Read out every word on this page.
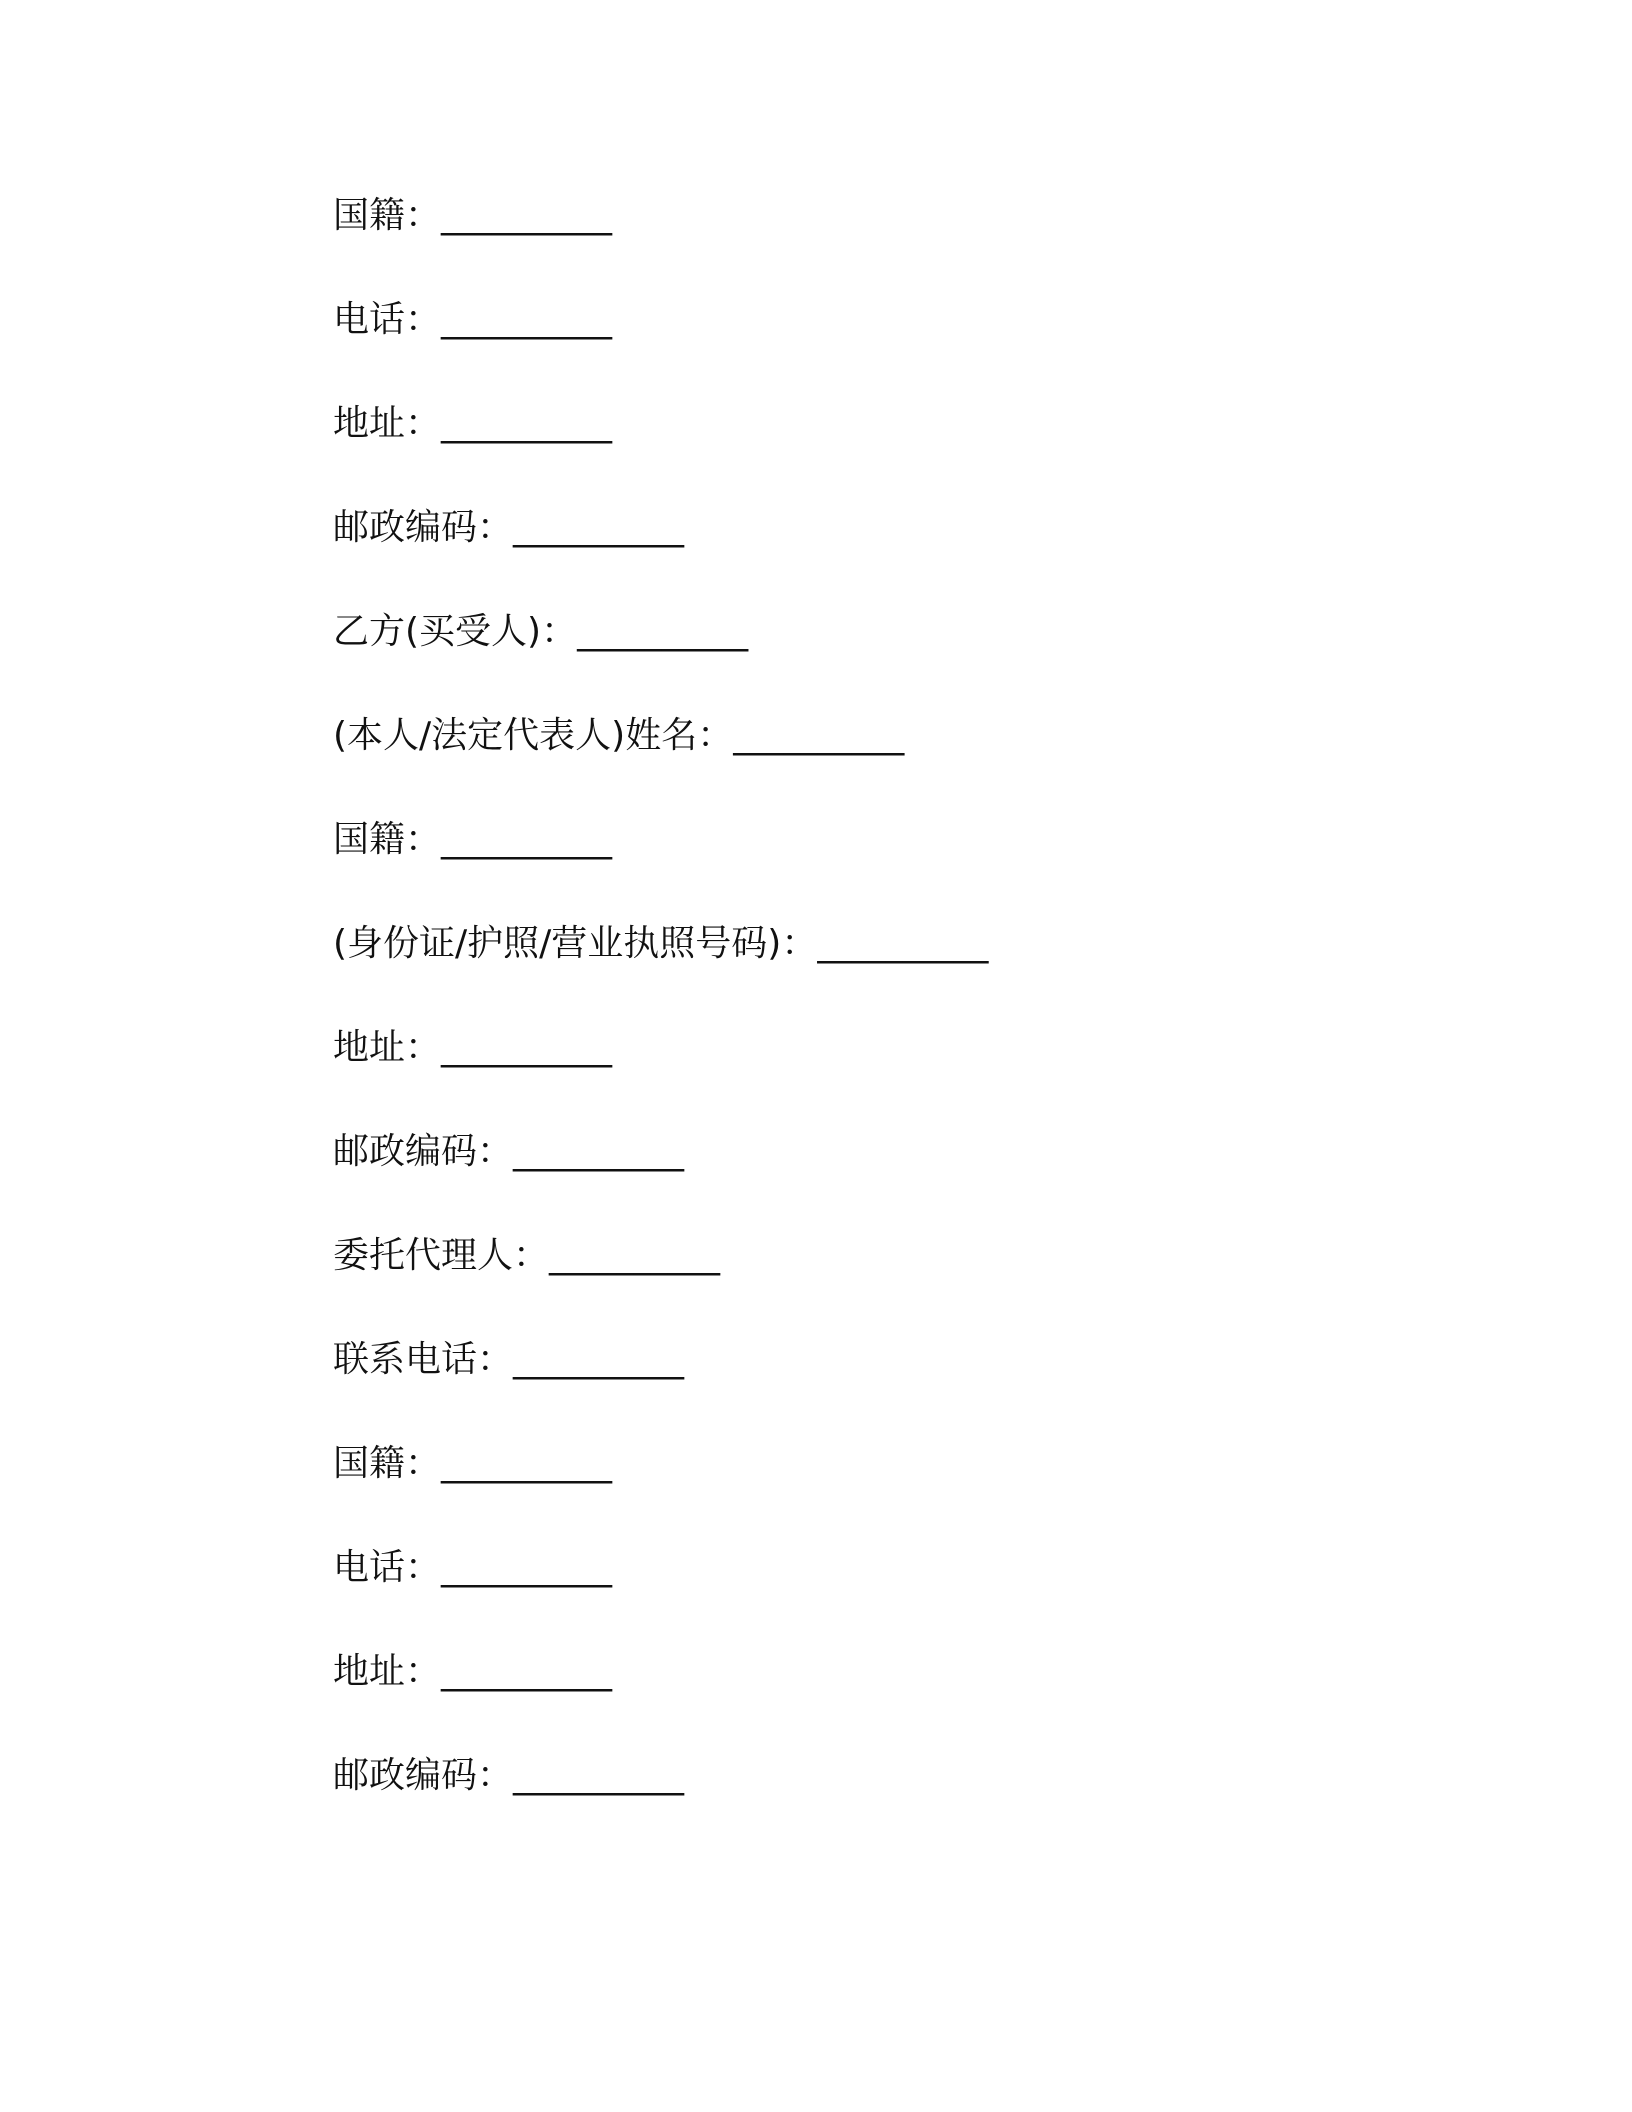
国籍：__________
电话：__________
地址：__________
邮政编码：__________
乙方(买受人)：__________
(本人/法定代表人)姓名：__________
国籍：__________
(身份证/护照/营业执照号码)：__________
地址：__________
邮政编码：__________
委托代理人：__________
联系电话：__________
国籍：__________
电话：__________
地址：__________
邮政编码：__________
